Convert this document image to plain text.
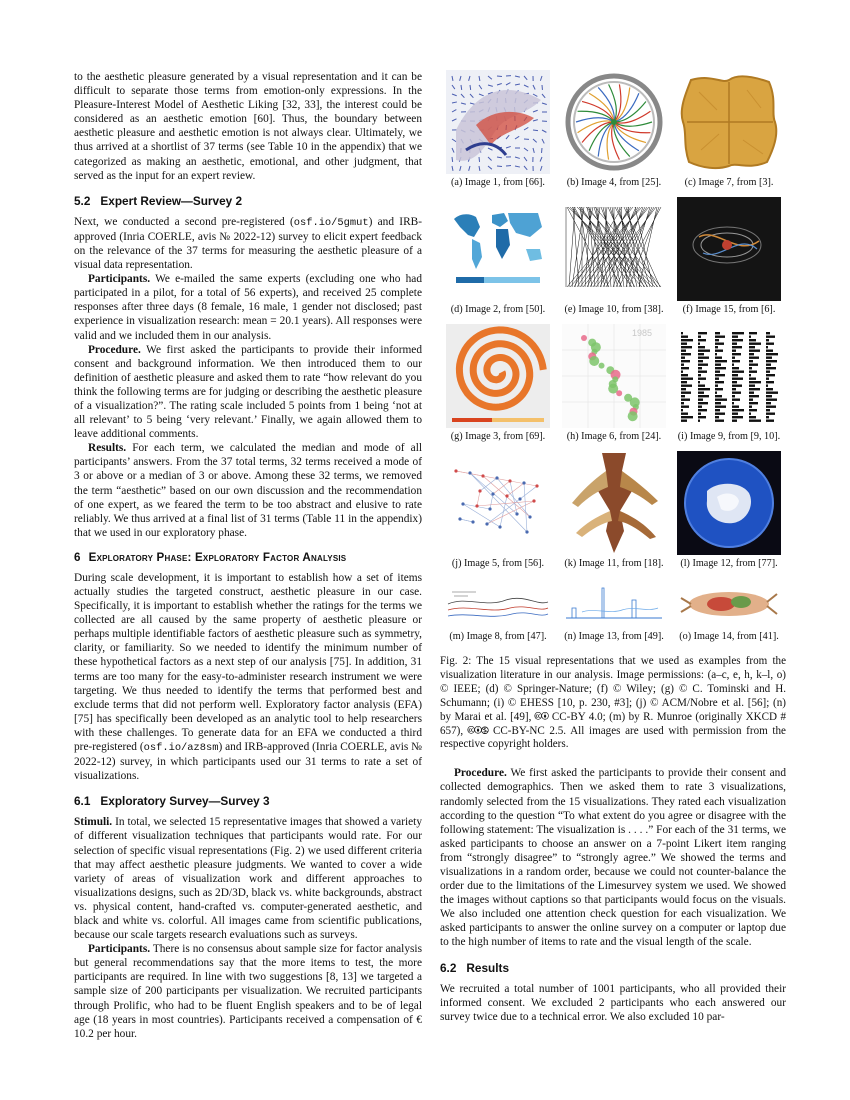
to the aesthetic pleasure generated by a visual representation and it can be difficult to separate those terms from emotion-only expressions. In the Pleasure-Interest Model of Aesthetic Liking [32, 33], the interest could be considered as an aesthetic emotion [60]. Thus, the boundary between aesthetic pleasure and aesthetic emotion is not always clear. Ultimately, we thus arrived at a shortlist of 37 terms (see Table 10 in the appendix) that we categorized as making an aesthetic, emotional, and other judgment, that served as the input for an expert review.

5.2 Expert Review—Survey 2

Next, we conducted a second pre-registered (osf.io/5gmut) and IRB-approved (Inria COERLE, avis № 2022-12) survey to elicit expert feedback on the relevance of the 37 terms for measuring the aesthetic pleasure of a visual data representation.

Participants. We e-mailed the same experts (excluding one who had participated in a pilot, for a total of 56 experts), and received 25 complete responses after three days (8 female, 16 male, 1 gender not disclosed; past experience in visualization research: mean = 20.1 years). All responses were valid and we included them in our analysis.

Procedure. We first asked the participants to provide their informed consent and background information. We then introduced them to our definition of aesthetic pleasure and asked them to rate “how relevant do you think the following terms are for judging or describing the aesthetic pleasure of a visualization?”. The rating scale included 5 points from 1 being ‘not at all relevant’ to 5 being ‘very relevant.’ Finally, we again allowed them to leave additional comments.

Results. For each term, we calculated the median and mode of all participants’ answers. From the 37 total terms, 32 terms received a mode of 3 or above or a median of 3 or above. Among these 32 terms, we removed the term “aesthetic” based on our own discussion and the recommendation of one expert, as we feared the term to be too abstract and elusive to rate reliably. We thus arrived at a final list of 31 terms (Table 11 in the appendix) that we used in our exploratory phase.

6 Exploratory Phase: Exploratory Factor Analysis

During scale development, it is important to establish how a set of items actually studies the targeted construct, aesthetic pleasure in our case. Specifically, it is important to establish whether the ratings for the terms we collected are all caused by the same property of aesthetic pleasure or perhaps multiple identifiable factors of aesthetic pleasure such as symmetry, clarity, or familiarity. So we needed to identify the minimum number of these hypothetical factors as a next step of our analysis [75]. In addition, 31 terms are too many for the easy-to-administer research instrument we were targeting. We thus needed to identify the terms that performed best and exclude terms that did not perform well. Exploratory factor analysis (EFA) [75] has specifically been developed as an analytic tool to help researchers with these challenges. To generate data for an EFA we conducted a third pre-registered (osf.io/az8sm) and IRB-approved (Inria COERLE, avis № 2022-12) survey, in which participants used our 31 terms to rate a set of visualizations.

6.1 Exploratory Survey—Survey 3

Stimuli. In total, we selected 15 representative images that showed a variety of different visualization techniques that participants would rate. For our selection of specific visual representations (Fig. 2) we used different criteria that may affect aesthetic pleasure judgments. We wanted to cover a wide variety of areas of visualization work and different approaches to visualizations designs, such as 2D/3D, black vs. white backgrounds, abstract vs. physical content, hand-crafted vs. computer-generated aesthetic, and black and white vs. colorful. All images came from scientific publications, because our scale targets research evaluations such as surveys.

Participants. There is no consensus about sample size for factor analysis but general recommendations say that the more items to test, the more participants are required. In line with two suggestions [8, 13] we targeted a sample size of 200 participants per visualization. We recruited participants through Prolific, who had to be fluent English speakers and to be of legal age (18 years in most countries). Participants received a compensation of € 10.2 per hour.

(a) Image 1, from [66].	(b) Image 4, from [25].	(c) Image 7, from [3].
(d) Image 2, from [50].	(e) Image 10, from [38].	(f) Image 15, from [6].
(g) Image 3, from [69].
1985
(h) Image 6, from [24].	(i) Image 9, from [9, 10].
(j) Image 5, from [56].	(k) Image 11, from [18].	(l) Image 12, from [77].
(m) Image 8, from [47].	(n) Image 13, from [49].	(o) Image 14, from [41].

Fig. 2: The 15 visual representations that we used as examples from the visualization literature in our analysis. Image permissions: (a–c, e, h, k–l, o) © IEEE; (d) © Springer-Nature; (f) © Wiley; (g) © C. Tominski and H. Schumann; (i) © EHESS [10, p. 230, #3]; (j) © ACM/Nobre et al. [56]; (n) by Marai et al. [49], 🅭🅯 CC-BY 4.0; (m) by R. Munroe (originally XKCD # 657), 🅭🅯🄏 CC-BY-NC 2.5. All images are used with permission from the respective copyright holders.

Procedure. We first asked the participants to provide their consent and collected demographics. Then we asked them to rate 3 visualizations, randomly selected from the 15 visualizations. They rated each visualization according to the question “To what extent do you agree or disagree with the following statement: The visualization is . . . .” For each of the 31 terms, we asked participants to choose an answer on a 7-point Likert item ranging from “strongly disagree” to “strongly agree.” We showed the terms and visualizations in a random order, because we could not counter-balance the order due to the limitations of the Limesurvey system we used. We showed the images without captions so that participants would focus on the visuals. We also included one attention check question for each visualization. We asked participants to answer the online survey on a computer or laptop due to the high number of items to rate and the visual length of the scale.

6.2 Results

We recruited a total number of 1001 participants, who all provided their informed consent. We excluded 2 participants who each answered our survey twice due to a technical error. We also excluded 10 par-
